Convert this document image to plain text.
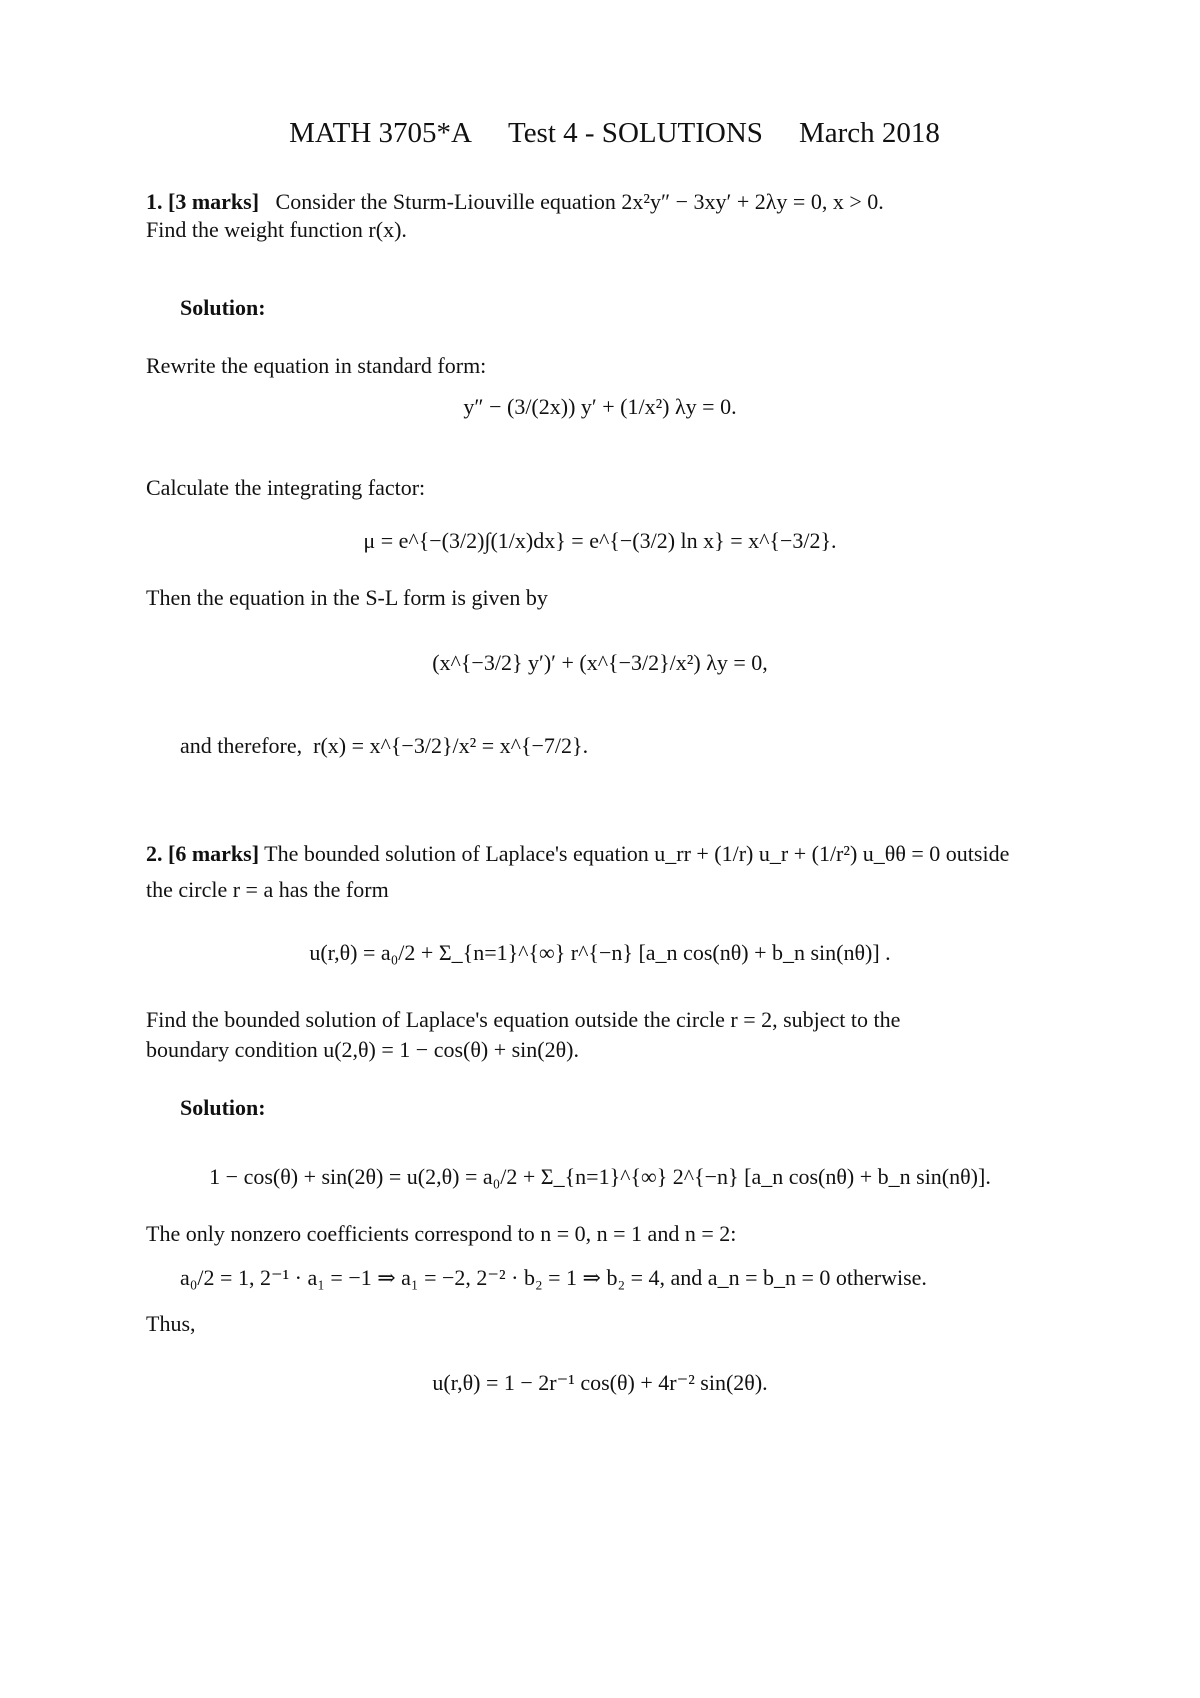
MATH 3705*A Test 4 - SOLUTIONS March 2018

1. [3 marks] Consider the Sturm-Liouville equation 2x²y″ − 3xy′ + 2λy = 0, x > 0.
Find the weight function r(x).
Solution:
Rewrite the equation in standard form:
y″ − (3/(2x)) y′ + (1/x²) λy = 0.
Calculate the integrating factor:
μ = e^{−(3/2)∫(1/x)dx} = e^{−(3/2) ln x} = x^{−3/2}.
Then the equation in the S-L form is given by
(x^{−3/2} y′)′ + (x^{−3/2}/x²) λy = 0,
and therefore, r(x) = x^{−3/2}/x² = x^{−7/2}.
2. [6 marks] The bounded solution of Laplace's equation u_rr + (1/r) u_r + (1/r²) u_θθ = 0 outside
the circle r = a has the form
u(r,θ) = a₀/2 + Σ_{n=1}^{∞} r^{−n} [a_n cos(nθ) + b_n sin(nθ)] .
Find the bounded solution of Laplace's equation outside the circle r = 2, subject to the
boundary condition u(2,θ) = 1 − cos(θ) + sin(2θ).
Solution:
1 − cos(θ) + sin(2θ) = u(2,θ) = a₀/2 + Σ_{n=1}^{∞} 2^{−n} [a_n cos(nθ) + b_n sin(nθ)].
The only nonzero coefficients correspond to n = 0, n = 1 and n = 2:
a₀/2 = 1, 2⁻¹ · a₁ = −1 ⇒ a₁ = −2, 2⁻² · b₂ = 1 ⇒ b₂ = 4, and a_n = b_n = 0 otherwise.
Thus,
u(r,θ) = 1 − 2r⁻¹ cos(θ) + 4r⁻² sin(2θ).
